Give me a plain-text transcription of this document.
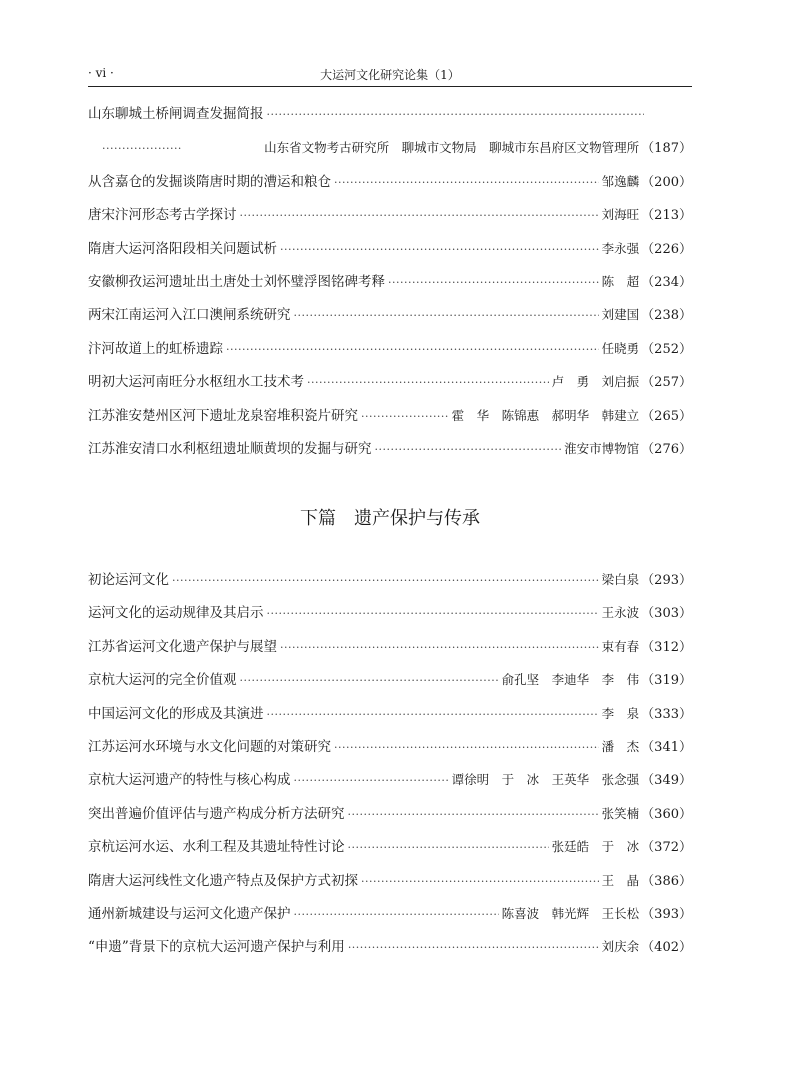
· vi ·	大运河文化研究论集（1）
山东聊城土桥闸调查发掘简报
·····
·····
山东省文物考古研究所　聊城市文物局　聊城市东昌府区文物管理所 （187）
从含嘉仓的发掘谈隋唐时期的漕运和粮仓 ·····	邹逸麟 （200）
唐宋汴河形态考古学探讨 ·····	刘海旺 （213）
隋唐大运河洛阳段相关问题试析 ·····	李永强 （226）
安徽柳孜运河遗址出土唐处士刘怀璧浮图铭碑考释 ·····	陈　超 （234）
两宋江南运河入江口澳闸系统研究 ·····	刘建国 （238）
汴河故道上的虹桥遗踪 ·····	任晓勇 （252）
明初大运河南旺分水枢纽水工技术考 ·····	卢　勇　刘启振 （257）
江苏淮安楚州区河下遗址龙泉窑堆积瓷片研究 ·····	霍　华　陈锦惠　郝明华　韩建立 （265）
江苏淮安清口水利枢纽遗址顺黄坝的发掘与研究 ·····	淮安市博物馆 （276）
下篇　遗产保护与传承
初论运河文化 ·····	梁白泉 （293）
运河文化的运动规律及其启示 ·····	王永波 （303）
江苏省运河文化遗产保护与展望 ·····	束有春 （312）
京杭大运河的完全价值观 ·····	俞孔坚　李迪华　李　伟 （319）
中国运河文化的形成及其演进 ·····	李　泉 （333）
江苏运河水环境与水文化问题的对策研究 ·····	潘　杰 （341）
京杭大运河遗产的特性与核心构成 ·····	谭徐明　于　冰　王英华　张念强 （349）
突出普遍价值评估与遗产构成分析方法研究 ·····	张笑楠 （360）
京杭运河水运、水利工程及其遗址特性讨论 ·····	张廷皓　于　冰 （372）
隋唐大运河线性文化遗产特点及保护方式初探 ·····	王　晶 （386）
通州新城建设与运河文化遗产保护 ·····	陈喜波　韩光辉　王长松 （393）
“申遗”背景下的京杭大运河遗产保护与利用 ·····	刘庆余 （402）
